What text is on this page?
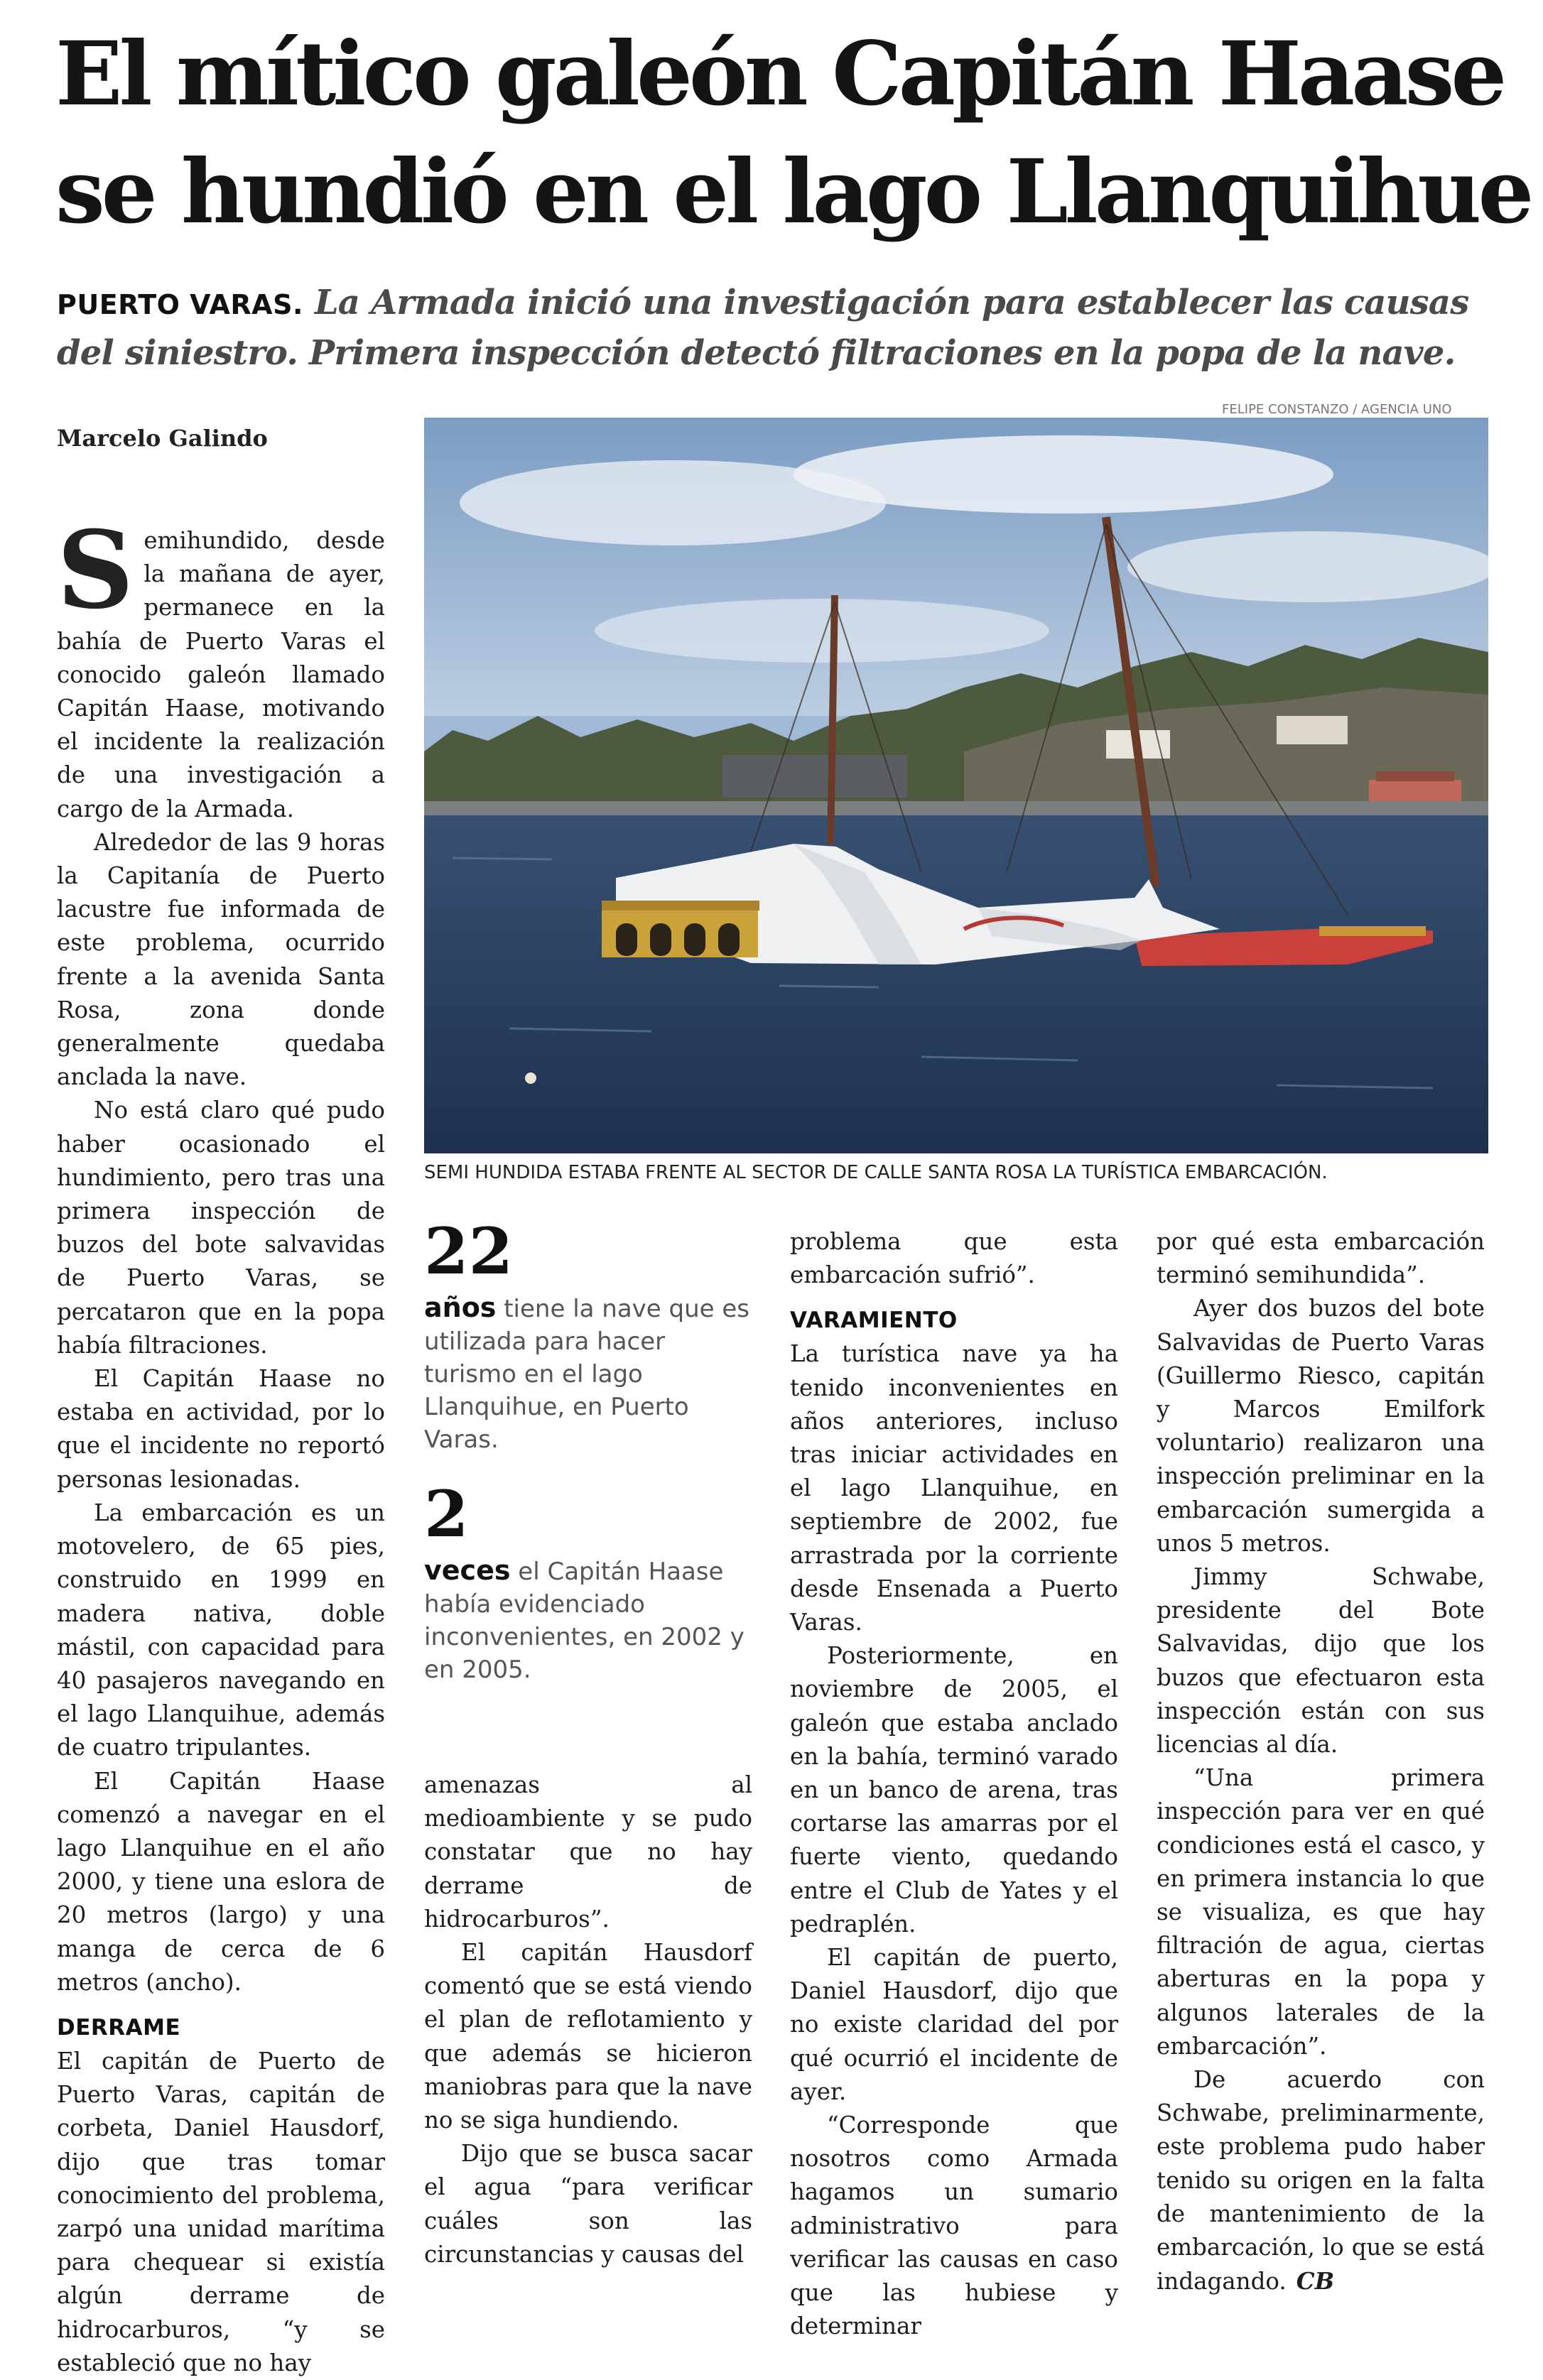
El mítico galeón Capitán Haase
se hundió en el lago Llanquihue

PUERTO VARAS. La Armada inició una investigación para establecer las causas del siniestro. Primera inspección detectó filtraciones en la popa de la nave.

Marcelo Galindo
FELIPE CONSTANZO / AGENCIA UNO
SEMI HUNDIDA ESTABA FRENTE AL SECTOR DE CALLE SANTA ROSA LA TURÍSTICA EMBARCACIÓN.

Semihundido, desde la mañana de ayer, permanece en la bahía de Puerto Varas el conocido galeón llamado Capitán Haase, motivando el incidente la realización de una investigación a cargo de la Armada.

Alrededor de las 9 horas la Capitanía de Puerto lacustre fue informada de este problema, ocurrido frente a la avenida Santa Rosa, zona donde generalmente quedaba anclada la nave.

No está claro qué pudo haber ocasionado el hundimiento, pero tras una primera inspección de buzos del bote salvavidas de Puerto Varas, se percataron que en la popa había filtraciones.

El Capitán Haase no estaba en actividad, por lo que el incidente no reportó personas lesionadas.

La embarcación es un motovelero, de 65 pies, construido en 1999 en madera nativa, doble mástil, con capacidad para 40 pasajeros navegando en el lago Llanquihue, además de cuatro tripulantes.

El Capitán Haase comenzó a navegar en el lago Llanquihue en el año 2000, y tiene una eslora de 20 metros (largo) y una manga de cerca de 6 metros (ancho).

DERRAME

El capitán de Puerto de Puerto Varas, capitán de corbeta, Daniel Hausdorf, dijo que tras tomar conocimiento del problema, zarpó una unidad marítima para chequear si existía algún derrame de hidrocarburos, “y se estableció que no hay

22
años tiene la nave que es utilizada para hacer turismo en el lago Llanquihue, en Puerto Varas.
2
veces el Capitán Haase había evidenciado inconvenientes, en 2002 y en 2005.

amenazas al medioambiente y se pudo constatar que no hay derrame de hidrocarburos”.

El capitán Hausdorf comentó que se está viendo el plan de reflotamiento y que además se hicieron maniobras para que la nave no se siga hundiendo.

Dijo que se busca sacar el agua “para verificar cuáles son las circunstancias y causas del

problema que esta embarcación sufrió”.

VARAMIENTO

La turística nave ya ha tenido inconvenientes en años anteriores, incluso tras iniciar actividades en el lago Llanquihue, en septiembre de 2002, fue arrastrada por la corriente desde Ensenada a Puerto Varas.

Posteriormente, en noviembre de 2005, el galeón que estaba anclado en la bahía, terminó varado en un banco de arena, tras cortarse las amarras por el fuerte viento, quedando entre el Club de Yates y el pedraplén.

El capitán de puerto, Daniel Hausdorf, dijo que no existe claridad del por qué ocurrió el incidente de ayer.

“Corresponde que nosotros como Armada hagamos un sumario administrativo para verificar las causas en caso que las hubiese y determinar

por qué esta embarcación terminó semihundida”.

Ayer dos buzos del bote Salvavidas de Puerto Varas (Guillermo Riesco, capitán y Marcos Emilfork voluntario) realizaron una inspección preliminar en la embarcación sumergida a unos 5 metros.

Jimmy Schwabe, presidente del Bote Salvavidas, dijo que los buzos que efectuaron esta inspección están con sus licencias al día.

“Una primera inspección para ver en qué condiciones está el casco, y en primera instancia lo que se visualiza, es que hay filtración de agua, ciertas aberturas en la popa y algunos laterales de la embarcación”.

De acuerdo con Schwabe, preliminarmente, este problema pudo haber tenido su origen en la falta de mantenimiento de la embarcación, lo que se está indagando. CB
